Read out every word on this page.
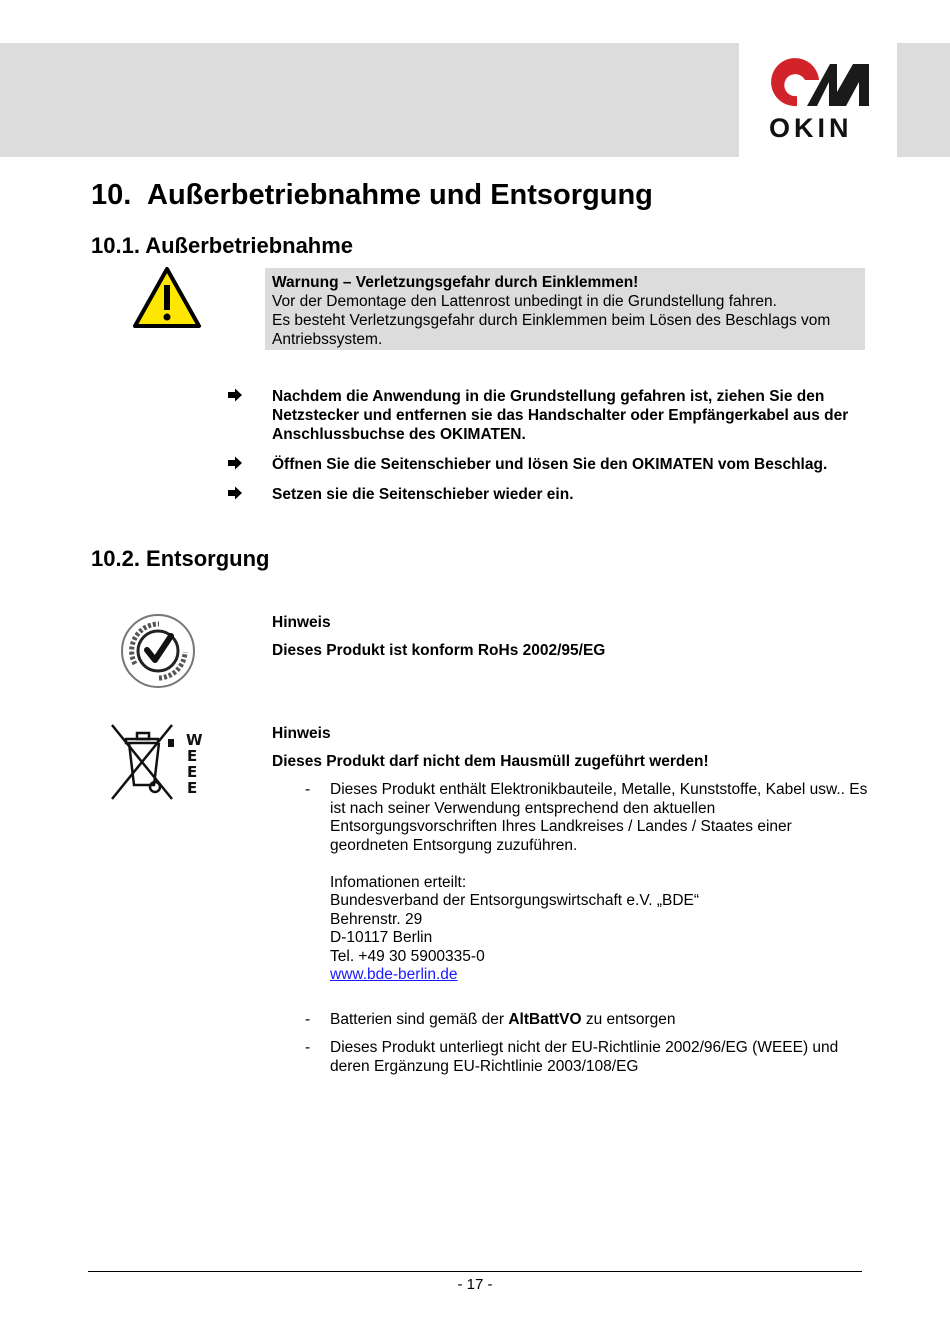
OKIN
10. Außerbetriebnahme und Entsorgung
10.1. Außerbetriebnahme
Warnung – Verletzungsgefahr durch Einklemmen!
Vor der Demontage den Lattenrost unbedingt in die Grundstellung fahren.
Es besteht Verletzungsgefahr durch Einklemmen beim Lösen des Beschlags vom Antriebssystem.
Nachdem die Anwendung in die Grundstellung gefahren ist, ziehen Sie den Netzstecker und entfernen sie das Handschalter oder Empfängerkabel aus der Anschlussbuchse des OKIMATEN.
Öffnen Sie die Seitenschieber und lösen Sie den OKIMATEN vom Beschlag.
Setzen sie die Seitenschieber wieder ein.
10.2. Entsorgung
Hinweis
Dieses Produkt ist konform RoHs 2002/95/EG
W
E
E
E
Hinweis
Dieses Produkt darf nicht dem Hausmüll zugeführt werden!
- Dieses Produkt enthält Elektronikbauteile, Metalle, Kunststoffe, Kabel usw.. Es ist nach seiner Verwendung entsprechend den aktuellen Entsorgungsvorschriften Ihres Landkreises / Landes / Staates einer geordneten Entsorgung zuzuführen.
Infomationen erteilt:
Bundesverband der Entsorgungswirtschaft e.V. „BDE“
Behrenstr. 29
D-10117 Berlin
Tel. +49 30 5900335-0
www.bde-berlin.de
- Batterien sind gemäß der AltBattVO zu entsorgen
- Dieses Produkt unterliegt nicht der EU-Richtlinie 2002/96/EG (WEEE) und deren Ergänzung EU-Richtlinie 2003/108/EG
- 17 -
